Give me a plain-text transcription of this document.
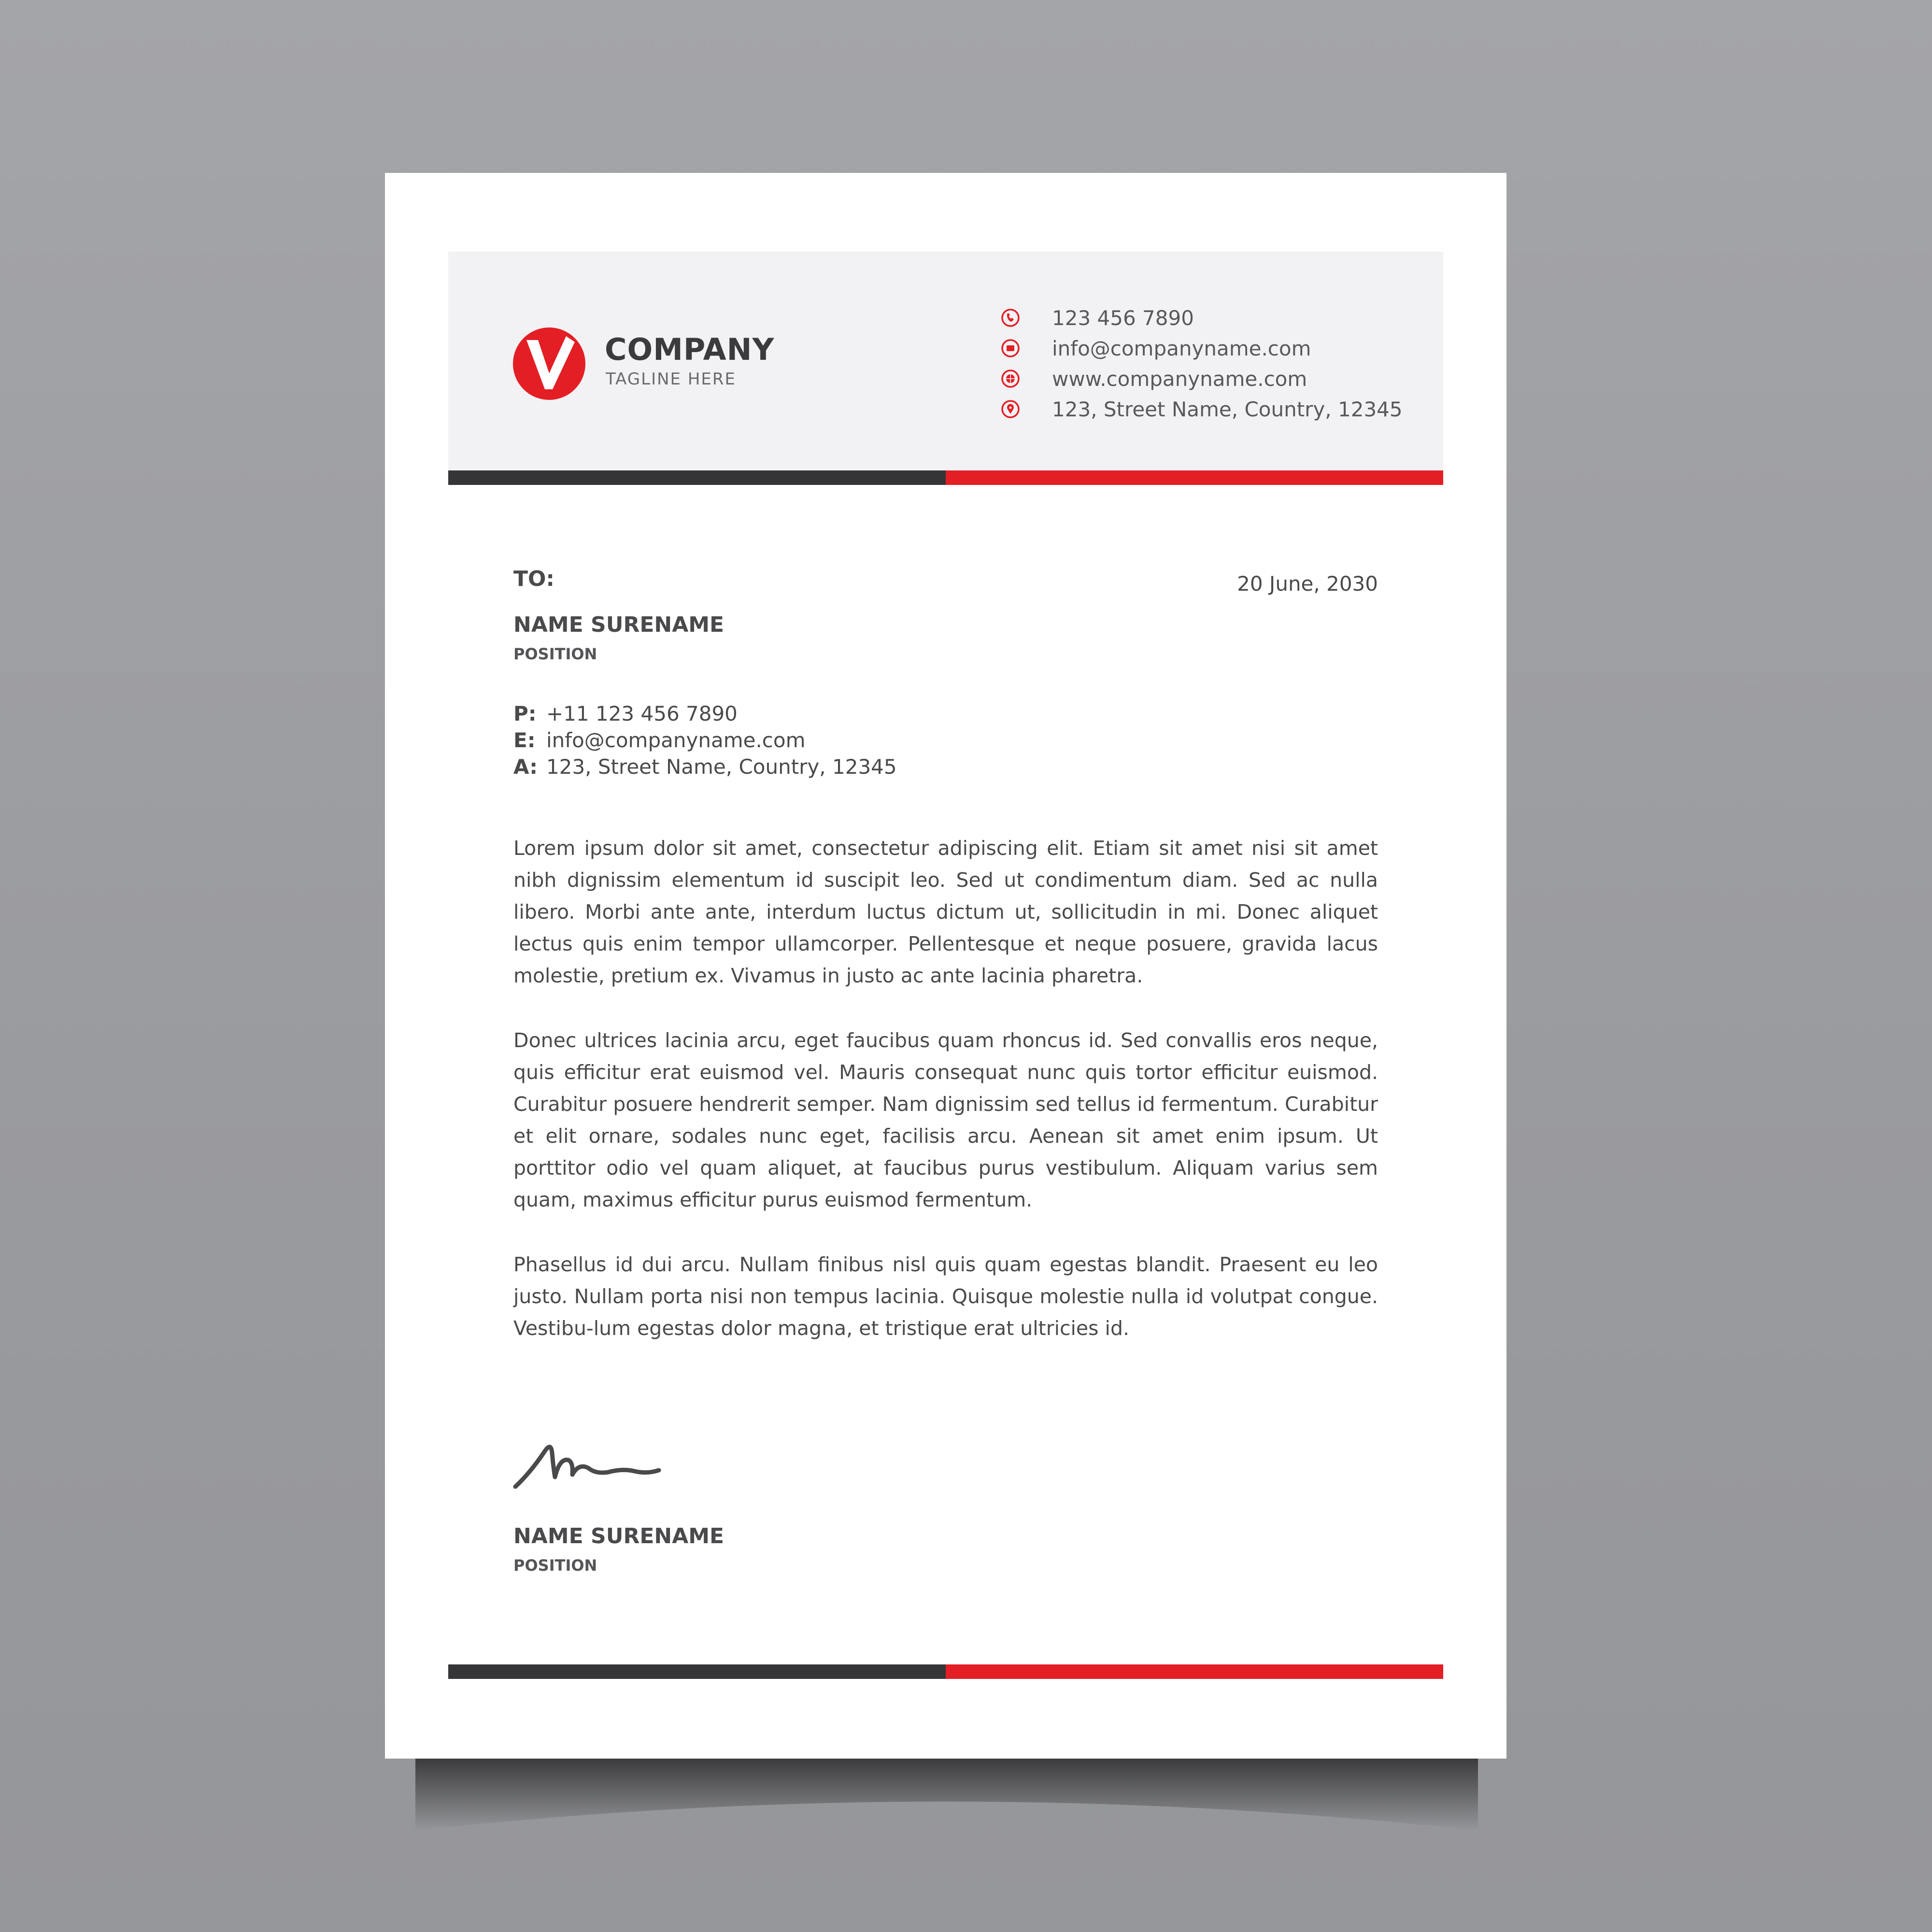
COMPANY
TAGLINE HERE
123 456 7890
info@companyname.com
www.companyname.com
123, Street Name, Country, 12345
TO:	20 June, 2030
NAME SURENAME
POSITION
P: +11 123 456 7890
E: info@companyname.com
A: 123, Street Name, Country, 12345

Lorem ipsum dolor sit amet, consectetur adipiscing elit. Etiam sit amet nisi sit amet nibh dignissim elementum id suscipit leo. Sed ut condimentum diam. Sed ac nulla libero. Morbi ante ante, interdum luctus dictum ut, sollicitudin in mi. Donec aliquet lectus quis enim tempor ullamcorper. Pellentesque et neque posuere, gravida lacus molestie, pretium ex. Vivamus in justo ac ante lacinia pharetra.

Donec ultrices lacinia arcu, eget faucibus quam rhoncus id. Sed convallis eros neque, quis efficitur erat euismod vel. Mauris consequat nunc quis tortor efficitur euismod. Curabitur posuere hendrerit semper. Nam dignissim sed tellus id fermentum. Curabitur et elit ornare, sodales nunc eget, facilisis arcu. Aenean sit amet enim ipsum. Ut porttitor odio vel quam aliquet, at faucibus purus vestibulum. Aliquam varius sem quam, maximus efficitur purus euismod fermentum.

Phasellus id dui arcu. Nullam finibus nisl quis quam egestas blandit. Praesent eu leo justo. Nullam porta nisi non tempus lacinia. Quisque molestie nulla id volutpat congue. Vestibu-lum egestas dolor magna, et tristique erat ultricies id.

NAME SURENAME
POSITION
